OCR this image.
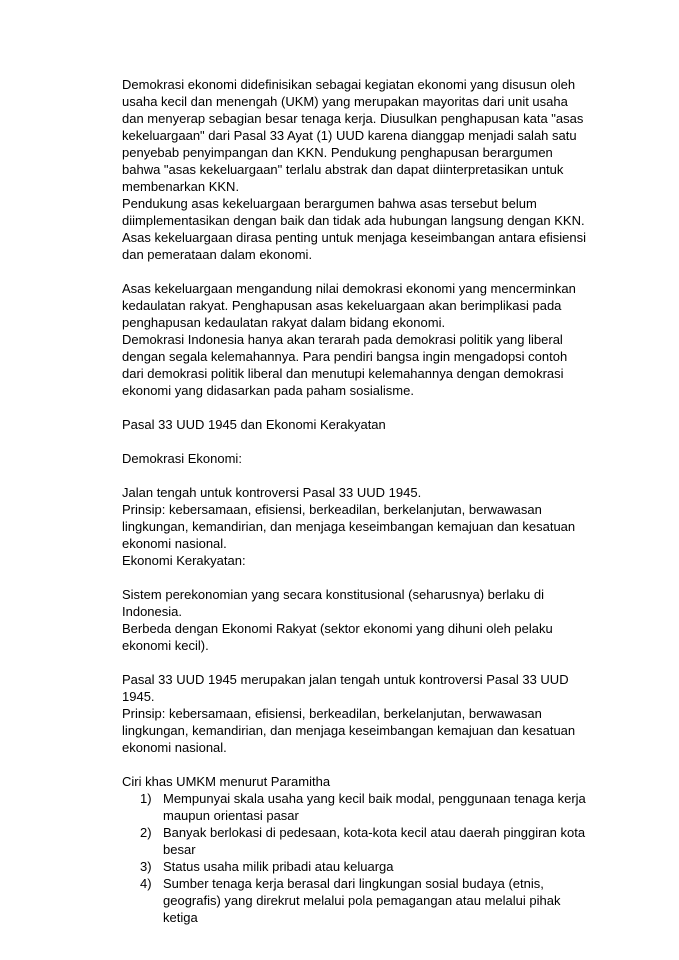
Demokrasi ekonomi didefinisikan sebagai kegiatan ekonomi yang disusun oleh usaha kecil dan menengah (UKM) yang merupakan mayoritas dari unit usaha dan menyerap sebagian besar tenaga kerja. Diusulkan penghapusan kata "asas kekeluargaan" dari Pasal 33 Ayat (1) UUD karena dianggap menjadi salah satu penyebab penyimpangan dan KKN. Pendukung penghapusan berargumen bahwa "asas kekeluargaan" terlalu abstrak dan dapat diinterpretasikan untuk membenarkan KKN.

Pendukung asas kekeluargaan berargumen bahwa asas tersebut belum diimplementasikan dengan baik dan tidak ada hubungan langsung dengan KKN. Asas kekeluargaan dirasa penting untuk menjaga keseimbangan antara efisiensi dan pemerataan dalam ekonomi.

Asas kekeluargaan mengandung nilai demokrasi ekonomi yang mencerminkan kedaulatan rakyat. Penghapusan asas kekeluargaan akan berimplikasi pada penghapusan kedaulatan rakyat dalam bidang ekonomi.

Demokrasi Indonesia hanya akan terarah pada demokrasi politik yang liberal dengan segala kelemahannya. Para pendiri bangsa ingin mengadopsi contoh dari demokrasi politik liberal dan menutupi kelemahannya dengan demokrasi ekonomi yang didasarkan pada paham sosialisme.

Pasal 33 UUD 1945 dan Ekonomi Kerakyatan

Demokrasi Ekonomi:

Jalan tengah untuk kontroversi Pasal 33 UUD 1945.

Prinsip: kebersamaan, efisiensi, berkeadilan, berkelanjutan, berwawasan lingkungan, kemandirian, dan menjaga keseimbangan kemajuan dan kesatuan ekonomi nasional.

Ekonomi Kerakyatan:

Sistem perekonomian yang secara konstitusional (seharusnya) berlaku di Indonesia.

Berbeda dengan Ekonomi Rakyat (sektor ekonomi yang dihuni oleh pelaku ekonomi kecil).

Pasal 33 UUD 1945 merupakan jalan tengah untuk kontroversi Pasal 33 UUD 1945.

Prinsip: kebersamaan, efisiensi, berkeadilan, berkelanjutan, berwawasan lingkungan, kemandirian, dan menjaga keseimbangan kemajuan dan kesatuan ekonomi nasional.

Ciri khas UMKM menurut Paramitha

1) Mempunyai skala usaha yang kecil baik modal, penggunaan tenaga kerja maupun orientasi pasar
2) Banyak berlokasi di pedesaan, kota-kota kecil atau daerah pinggiran kota besar
3) Status usaha milik pribadi atau keluarga
4) Sumber tenaga kerja berasal dari lingkungan sosial budaya (etnis, geografis) yang direkrut melalui pola pemagangan atau melalui pihak ketiga
